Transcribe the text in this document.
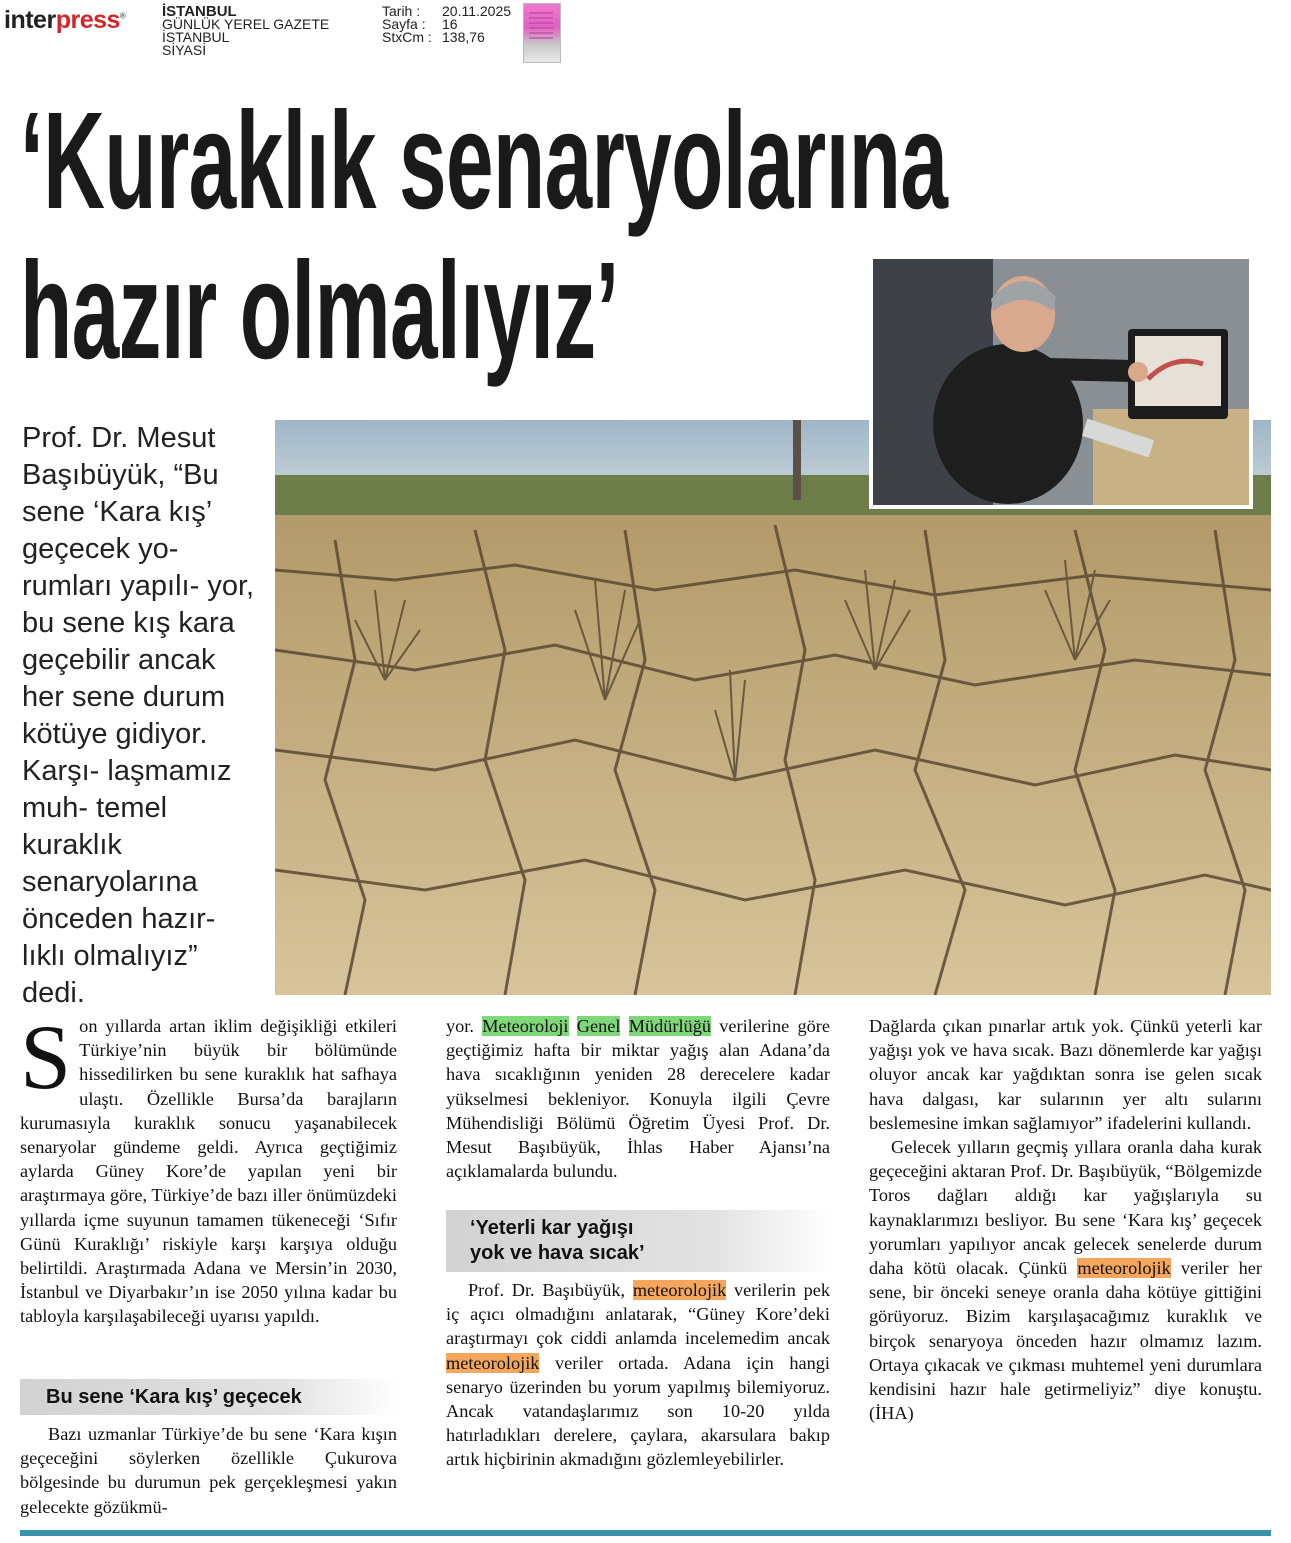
interpress® İSTANBUL
GÜNLÜK YEREL GAZETE
İSTANBUL
SİYASİ
Tarih :	20.11.2025
Sayfa :	16
StxCm : 138,76
‘Kuraklık senaryolarına
hazır olmalıyız’
Prof. Dr. Mesut Başıbüyük, “Bu sene ‘Kara kış’ geçecek yo- rumları yapılı- yor, bu sene kış kara geçebilir ancak her sene durum kötüye gidiyor. Karşı- laşmamız muh- temel kuraklık senaryolarına önceden hazır- lıklı olmalıyız” dedi.
S on yıllarda artan iklim değişikliği etkileri Türkiye’nin büyük bir bölümünde hissedilirken bu sene kuraklık hat safhaya ulaştı. Özellikle Bursa’da barajların kurumasıyla kuraklık sonucu yaşanabilecek senaryolar gündeme geldi. Ayrıca geçtiğimiz aylarda Güney Kore’de yapılan yeni bir araştırmaya göre, Türkiye’de bazı iller önümüzdeki yıllarda içme suyunun tamamen tükeneceği ‘Sıfır Günü Kuraklığı’ riskiyle karşı karşıya olduğu belirtildi. Araştırmada Adana ve Mersin’in 2030, İstanbul ve Diyarbakır’ın ise 2050 yılına kadar bu tabloyla karşılaşabileceği uyarısı yapıldı.

Bu sene ‘Kara kış’ geçecek
Bazı uzmanlar Türkiye’de bu sene ‘Kara kışın geçeceğini söylerken özellikle Çukurova bölgesinde bu durumun pek gerçekleşmesi yakın gelecekte gözükmü-

yor. Meteoroloji Genel Müdürlüğü verilerine göre geçtiğimiz hafta bir miktar yağış alan Adana’da hava sıcaklığının yeniden 28 derecelere kadar yükselmesi bekleniyor. Konuyla ilgili Çevre Mühendisliği Bölümü Öğretim Üyesi Prof. Dr. Mesut Başıbüyük, İhlas Haber Ajansı’na açıklamalarda bulundu.

‘Yeterli kar yağışı
yok ve hava sıcak’
Prof. Dr. Başıbüyük, meteorolojik verilerin pek iç açıcı olmadığını anlatarak, “Güney Kore’deki araştırmayı çok ciddi anlamda incelemedim ancak meteorolojik veriler ortada. Adana için hangi senaryo üzerinden bu yorum yapılmış bilemiyoruz. Ancak vatandaşlarımız son 10-20 yılda hatırladıkları derelere, çaylara, akarsulara bakıp artık hiçbirinin akmadığını gözlemleyebilirler.

Dağlarda çıkan pınarlar artık yok. Çünkü yeterli kar yağışı yok ve hava sıcak. Bazı dönemlerde kar yağışı oluyor ancak kar yağdıktan sonra ise gelen sıcak hava dalgası, kar sularının yer altı sularını beslemesine imkan sağlamıyor” ifadelerini kullandı.

Gelecek yılların geçmiş yıllara oranla daha kurak geçeceğini aktaran Prof. Dr. Başıbüyük, “Bölgemizde Toros dağları aldığı kar yağışlarıyla su kaynaklarımızı besliyor. Bu sene ‘Kara kış’ geçecek yorumları yapılıyor ancak gelecek senelerde durum daha kötü olacak. Çünkü meteorolojik veriler her sene, bir önceki seneye oranla daha kötüye gittiğini görüyoruz. Bizim karşılaşacağımız kuraklık ve birçok senaryoya önceden hazır olmamız lazım. Ortaya çıkacak ve çıkması muhtemel yeni durumlara kendisini hazır hale getirmeliyiz” diye konuştu. (İHA)
